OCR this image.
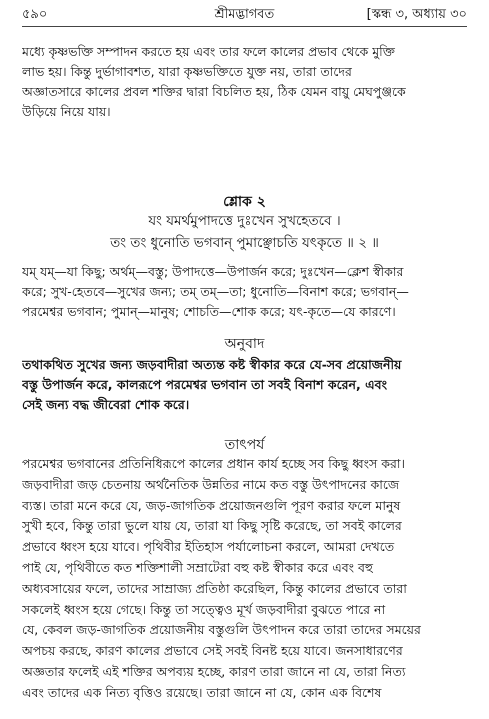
৫৯০	শ্রীমদ্ভাগবত	[স্কন্ধ ৩, অধ্যায় ৩০
মধ্যে কৃষ্ণভক্তি সম্পাদন করতে হয় এবং তার ফলে কালের প্রভাব থেকে মুক্তি
লাভ হয়। কিন্তু দুর্ভাগাবশত, যারা কৃষ্ণভক্তিতে যুক্ত নয়, তারা তাদের
অজ্ঞাতসারে কালের প্রবল শক্তির দ্বারা বিচলিত হয়, ঠিক যেমন বায়ু মেঘপুঞ্জকে
উড়িয়ে নিয়ে যায়।
শ্লোক ২
যং যমর্থমুপাদত্তে দুঃখেন সুখহেতবে ।
তং তং ধুনোতি ভগবান্ পুমাঞ্ছোচতি যৎকৃতে ॥ ২ ॥
যম্ যম্—যা কিছু; অর্থম্—বস্তু; উপাদত্তে—উপার্জন করে; দুঃখেন—ক্লেশ স্বীকার
করে; সুখ-হেতবে—সুখের জন্য; তম্ তম্—তা; ধুনোতি—বিনাশ করে; ভগবান্—
পরমেশ্বর ভগবান; পুমান্—মানুষ; শোচতি—শোক করে; যৎ-কৃতে—যে কারণে।
অনুবাদ
তথাকথিত সুখের জন্য জড়বাদীরা অত্যন্ত কষ্ট স্বীকার করে যে-সব প্রয়োজনীয়
বস্তু উপার্জন করে, কালরূপে পরমেশ্বর ভগবান তা সবই বিনাশ করেন, এবং
সেই জন্য বদ্ধ জীবেরা শোক করে।
তাৎপর্য
পরমেশ্বর ভগবানের প্রতিনিধিরূপে কালের প্রধান কার্য হচ্ছে সব কিছু ধ্বংস করা।
জড়বাদীরা জড় চেতনায় অর্থনৈতিক উন্নতির নামে কত বস্তু উৎপাদনের কাজে
ব্যস্ত। তারা মনে করে যে, জড়-জাগতিক প্রয়োজনগুলি পূরণ করার ফলে মানুষ
সুখী হবে, কিন্তু তারা ভুলে যায় যে, তারা যা কিছু সৃষ্টি করেছে, তা সবই কালের
প্রভাবে ধ্বংস হয়ে যাবে। পৃথিবীর ইতিহাস পর্যালোচনা করলে, আমরা দেখতে
পাই যে, পৃথিবীতে কত শক্তিশালী সম্রাটেরা বহু কষ্ট স্বীকার করে এবং বহু
অধ্যবসায়ের ফলে, তাদের সাম্রাজ্য প্রতিষ্ঠা করেছিল, কিন্তু কালের প্রভাবে তারা
সকলেই ধ্বংস হয়ে গেছে। কিন্তু তা সত্ত্বেও মূর্খ জড়বাদীরা বুঝতে পারে না
যে, কেবল জড়-জাগতিক প্রয়োজনীয় বস্তুগুলি উৎপাদন করে তারা তাদের সময়ের
অপচয় করছে, কারণ কালের প্রভাবে সেই সবই বিনষ্ট হয়ে যাবে। জনসাধারণের
অজ্ঞতার ফলেই এই শক্তির অপব্যয় হচ্ছে, কারণ তারা জানে না যে, তারা নিত্য
এবং তাদের এক নিত্য বৃত্তিও রয়েছে। তারা জানে না যে, কোন এক বিশেষ
